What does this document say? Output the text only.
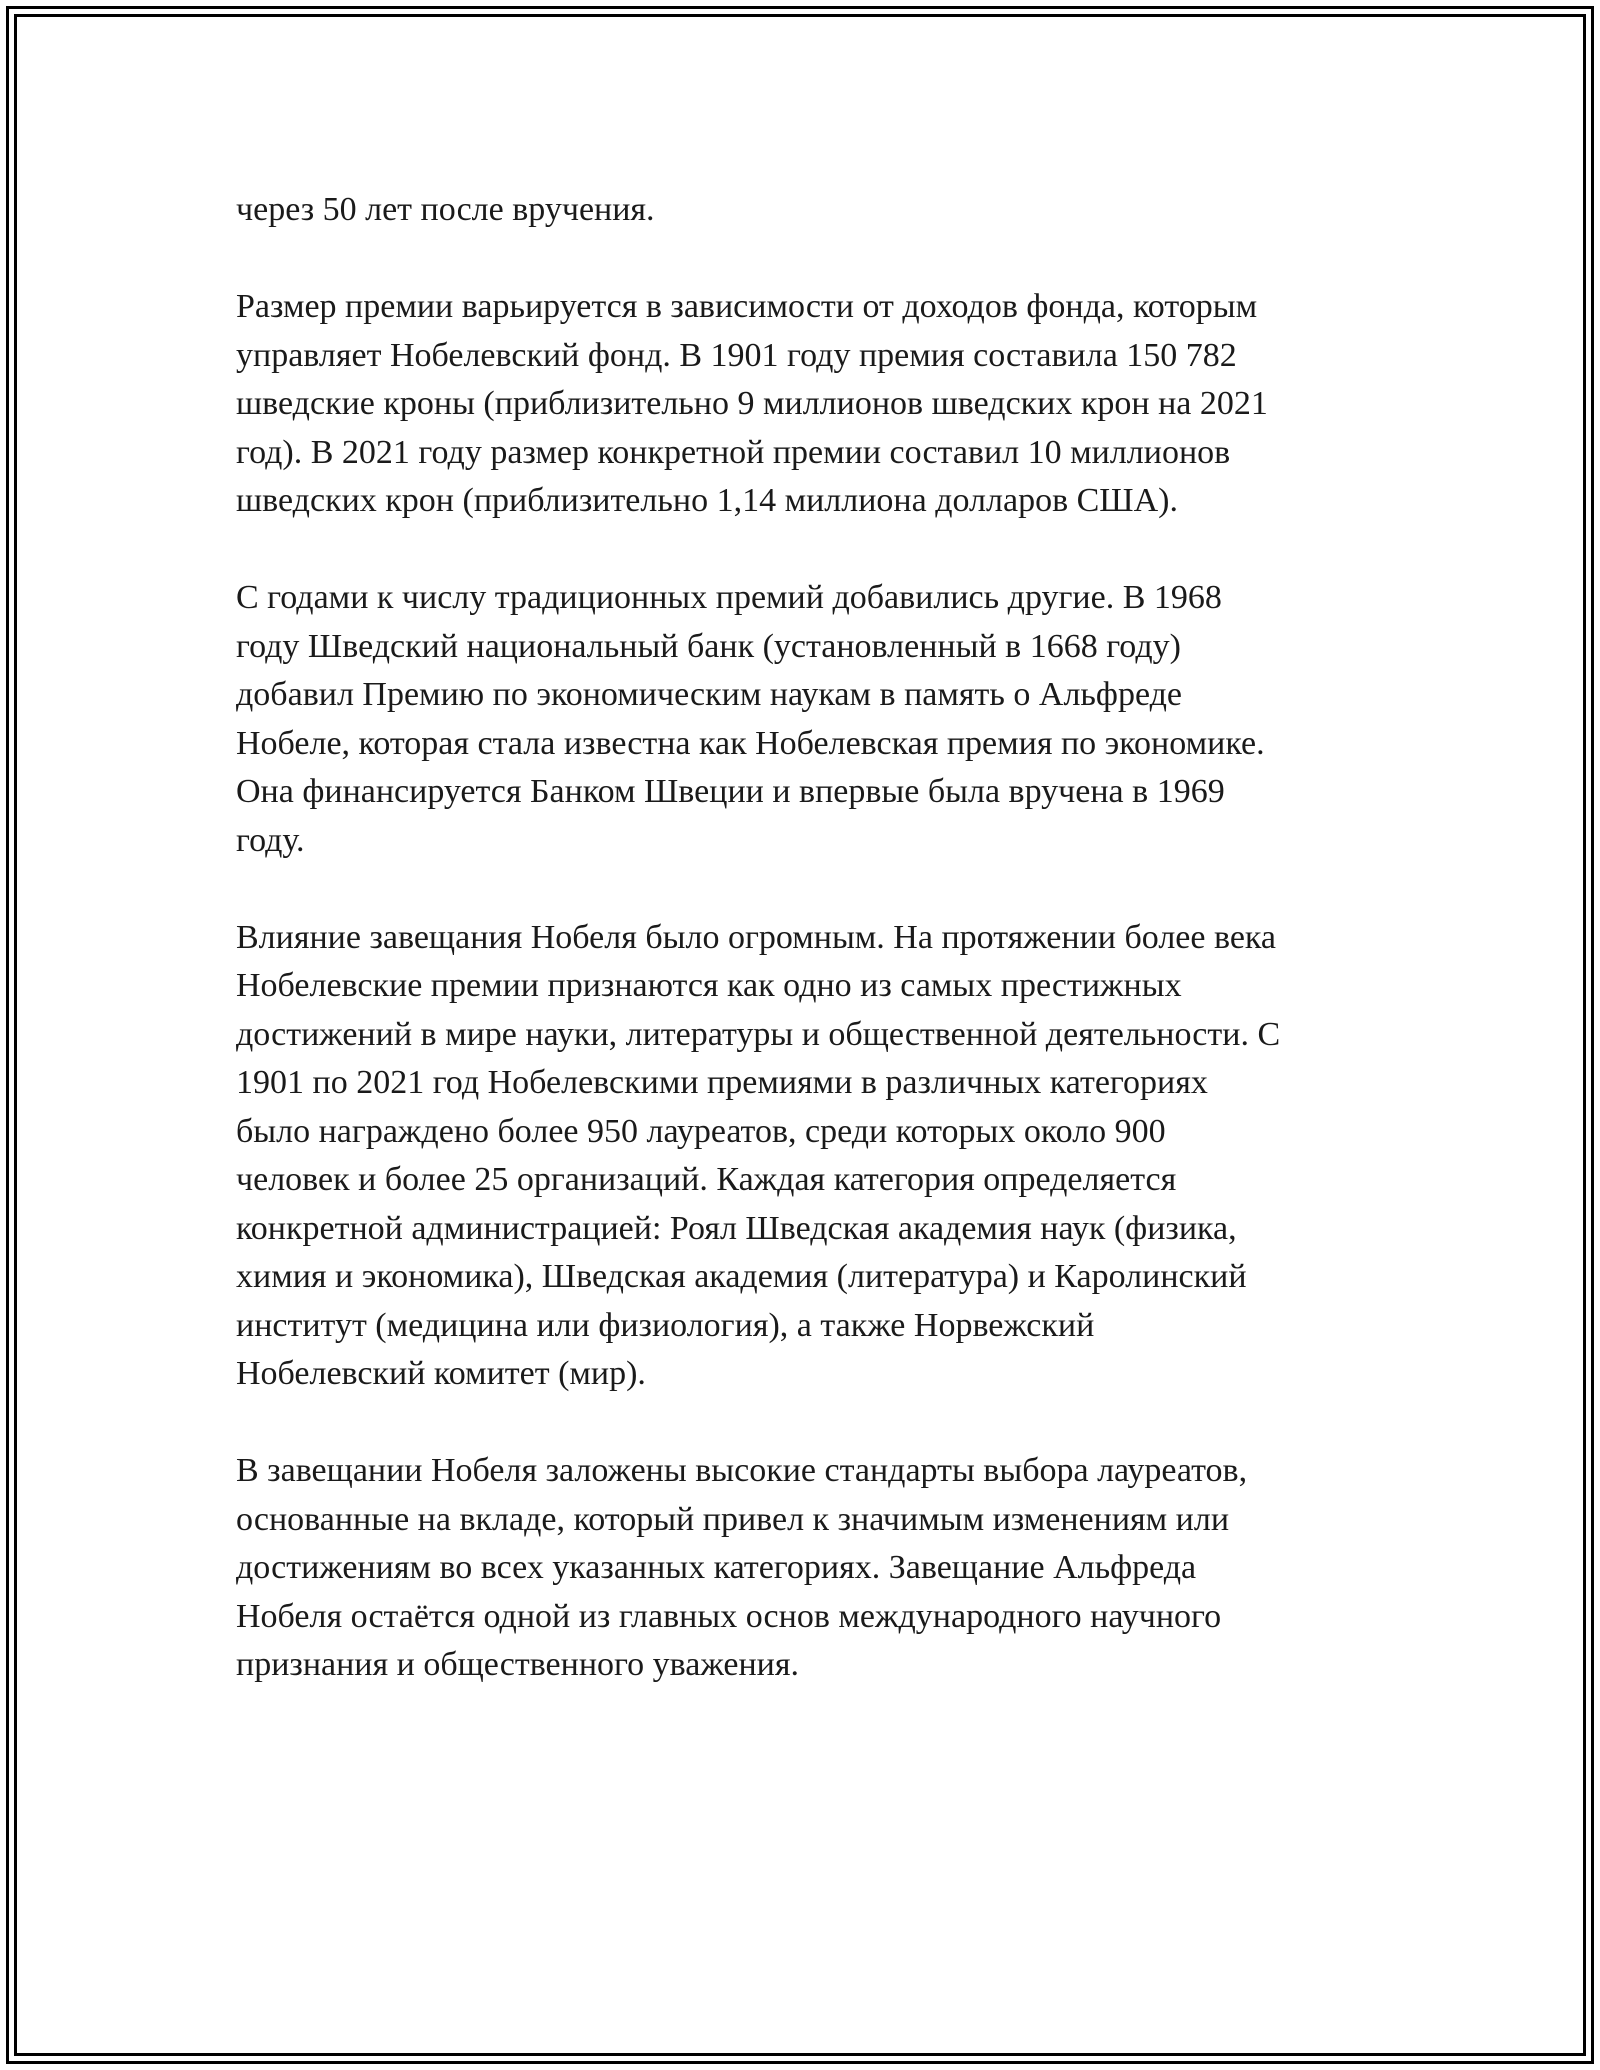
через 50 лет после вручения.

Размер премии варьируется в зависимости от доходов фонда, которым
управляет Нобелевский фонд. В 1901 году премия составила 150 782
шведские кроны (приблизительно 9 миллионов шведских крон на 2021
год). В 2021 году размер конкретной премии составил 10 миллионов
шведских крон (приблизительно 1,14 миллиона долларов США).

С годами к числу традиционных премий добавились другие. В 1968
году Шведский национальный банк (установленный в 1668 году)
добавил Премию по экономическим наукам в память о Альфреде
Нобеле, которая стала известна как Нобелевская премия по экономике.
Она финансируется Банком Швеции и впервые была вручена в 1969
году.

Влияние завещания Нобеля было огромным. На протяжении более века
Нобелевские премии признаются как одно из самых престижных
достижений в мире науки, литературы и общественной деятельности. С
1901 по 2021 год Нобелевскими премиями в различных категориях
было награждено более 950 лауреатов, среди которых около 900
человек и более 25 организаций. Каждая категория определяется
конкретной администрацией: Роял Шведская академия наук (физика,
химия и экономика), Шведская академия (литература) и Каролинский
институт (медицина или физиология), а также Норвежский
Нобелевский комитет (мир).

В завещании Нобеля заложены высокие стандарты выбора лауреатов,
основанные на вкладе, который привел к значимым изменениям или
достижениям во всех указанных категориях. Завещание Альфреда
Нобеля остаётся одной из главных основ международного научного
признания и общественного уважения.
